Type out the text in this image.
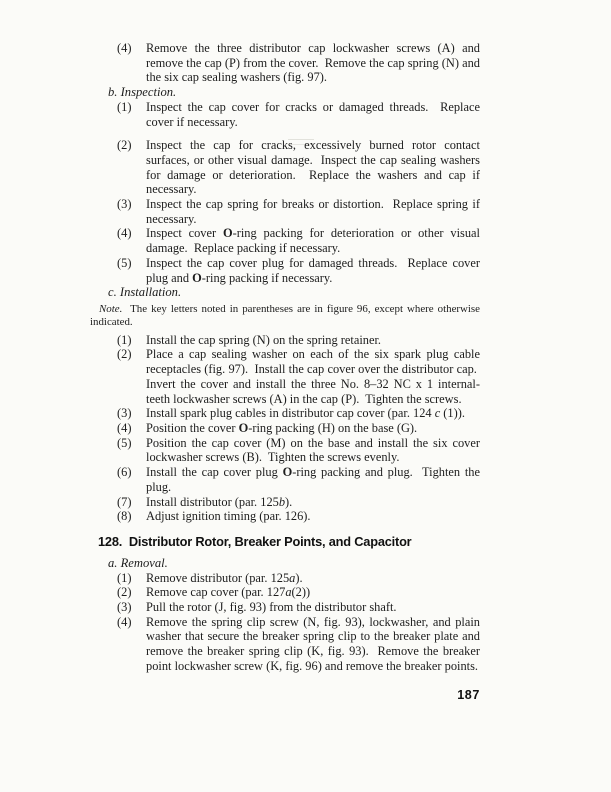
(4) Remove the three distributor cap lockwasher screws (A) and remove the cap (P) from the cover.  Remove the cap spring (N) and the six cap sealing washers (fig. 97).

b. Inspection.

(1) Inspect the cap cover for cracks or damaged threads.  Replace cover if necessary.

(2) Inspect the cap for cracks, excessively burned rotor contact surfaces, or other visual damage.  Inspect the cap sealing washers for damage or deterioration.  Replace the washers and cap if necessary.

(3) Inspect the cap spring for breaks or distortion.  Replace spring if necessary.

(4) Inspect cover O-ring packing for deterioration or other visual damage.  Replace packing if necessary.

(5) Inspect the cap cover plug for damaged threads.  Replace cover plug and O-ring packing if necessary.

c. Installation.

Note.  The key letters noted in parentheses are in figure 96, except where otherwise indicated.

(1) Install the cap spring (N) on the spring retainer.

(2) Place a cap sealing washer on each of the six spark plug cable receptacles (fig. 97).  Install the cap cover over the distributor cap.  Invert the cover and install the three No. 8–32 NC x 1 internal-teeth lockwasher screws (A) in the cap (P).  Tighten the screws.

(3) Install spark plug cables in distributor cap cover (par. 124 c (1)).

(4) Position the cover O-ring packing (H) on the base (G).

(5) Position the cap cover (M) on the base and install the six cover lockwasher screws (B).  Tighten the screws evenly.

(6) Install the cap cover plug O-ring packing and plug.  Tighten the plug.

(7) Install distributor (par. 125b).

(8) Adjust ignition timing (par. 126).

128.  Distributor Rotor, Breaker Points, and Capacitor

a. Removal.

(1) Remove distributor (par. 125a).

(2) Remove cap cover (par. 127a(2))

(3) Pull the rotor (J, fig. 93) from the distributor shaft.

(4) Remove the spring clip screw (N, fig. 93), lockwasher, and plain washer that secure the breaker spring clip to the breaker plate and remove the breaker spring clip (K, fig. 93).  Remove the breaker point lockwasher screw (K, fig. 96) and remove the breaker points.

187
